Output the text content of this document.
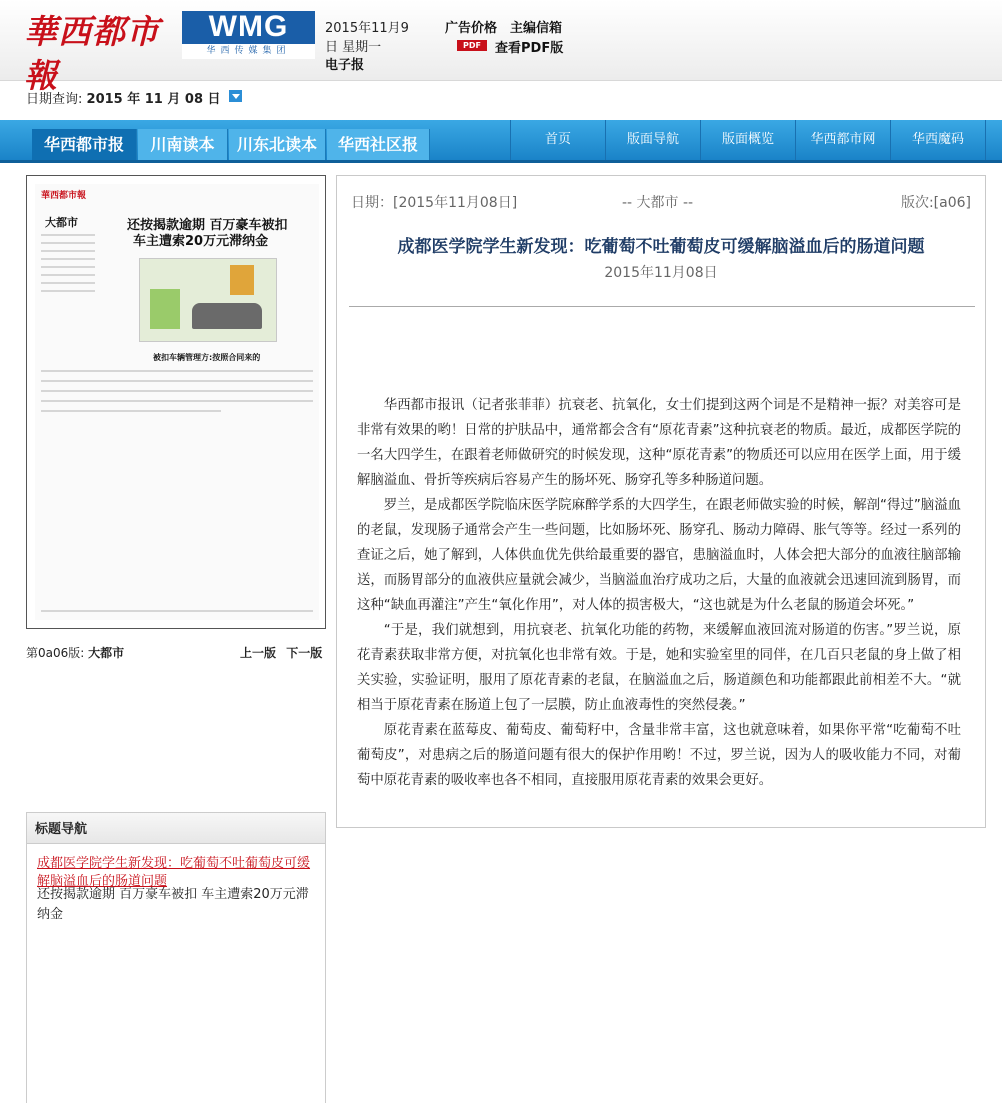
華西都市報
WMG
华西传媒集团
2015年11月9
日 星期一
电子报
广告价格 主编信箱
PDF	查看PDF版
日期查询: 2015 年 11 月 08 日
华西都市报	川南读本	川东北读本	华西社区报	首页	版面导航	版面概览	华西都市网	华西魔码
華西都市報
大都市	还按揭款逾期 百万豪车被扣
车主遭索20万元滞纳金
被扣车辆管理方:按照合同来的
第0a06版: 大都市	上一版 下一版
标题导航
成都医学院学生新发现：吃葡萄不吐葡萄皮可缓解脑溢血后的肠道问题
还按揭款逾期 百万豪车被扣 车主遭索20万元滞纳金
日期：[2015年11月08日]	-- 大都市 --	版次:[a06]
成都医学院学生新发现：吃葡萄不吐葡萄皮可缓解脑溢血后的肠道问题
2015年11月08日

华西都市报讯（记者张菲菲）抗衰老、抗氧化，女士们提到这两个词是不是精神一振？对美容可是非常有效果的哟！日常的护肤品中，通常都会含有“原花青素”这种抗衰老的物质。最近，成都医学院的一名大四学生，在跟着老师做研究的时候发现，这种“原花青素”的物质还可以应用在医学上面，用于缓解脑溢血、骨折等疾病后容易产生的肠坏死、肠穿孔等多种肠道问题。

罗兰，是成都医学院临床医学院麻醉学系的大四学生，在跟老师做实验的时候，解剖“得过”脑溢血的老鼠，发现肠子通常会产生一些问题，比如肠坏死、肠穿孔、肠动力障碍、胀气等等。经过一系列的查证之后，她了解到，人体供血优先供给最重要的器官，患脑溢血时，人体会把大部分的血液往脑部输送，而肠胃部分的血液供应量就会减少，当脑溢血治疗成功之后，大量的血液就会迅速回流到肠胃，而这种“缺血再灌注”产生“氧化作用”，对人体的损害极大，“这也就是为什么老鼠的肠道会坏死。”

“于是，我们就想到，用抗衰老、抗氧化功能的药物，来缓解血液回流对肠道的伤害。”罗兰说，原花青素获取非常方便，对抗氧化也非常有效。于是，她和实验室里的同伴，在几百只老鼠的身上做了相关实验，实验证明，服用了原花青素的老鼠，在脑溢血之后，肠道颜色和功能都跟此前相差不大。“就相当于原花青素在肠道上包了一层膜，防止血液毒性的突然侵袭。”

原花青素在蓝莓皮、葡萄皮、葡萄籽中，含量非常丰富，这也就意味着，如果你平常“吃葡萄不吐葡萄皮”，对患病之后的肠道问题有很大的保护作用哟！不过，罗兰说，因为人的吸收能力不同，对葡萄中原花青素的吸收率也各不相同，直接服用原花青素的效果会更好。
